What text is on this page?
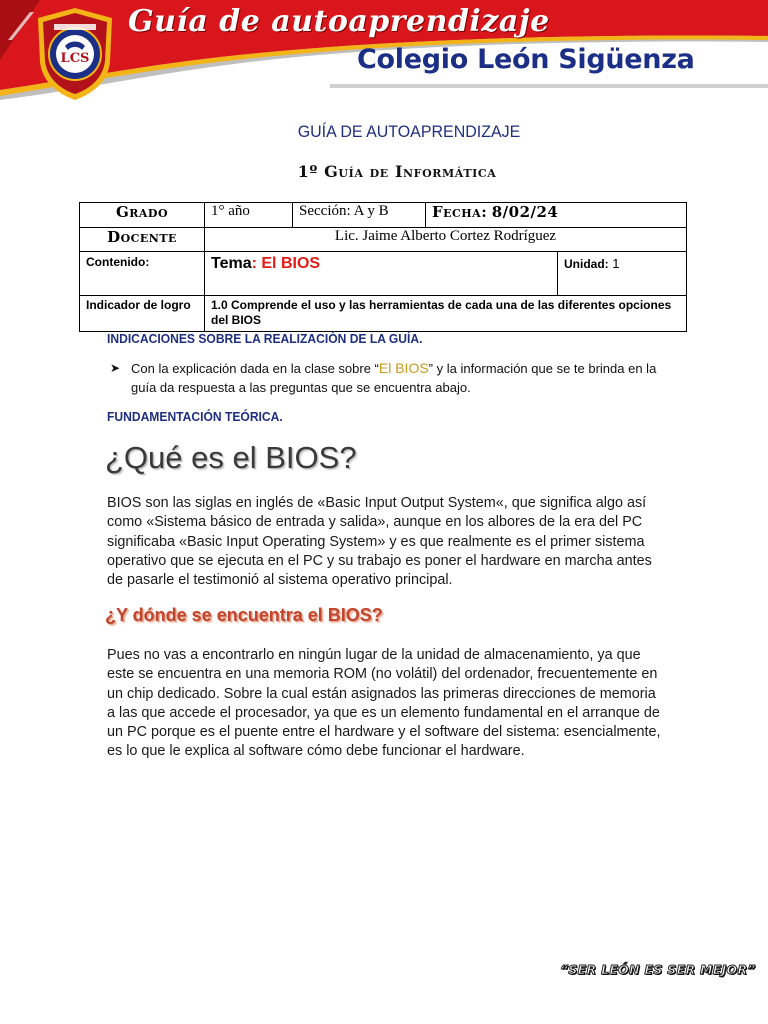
LCS
Guía de autoaprendizaje
Colegio León Sigüenza
GUÍA DE AUTOAPRENDIZAJE
1º Guía de Informática
Grado	1° año	Sección: A y B	Fecha: 8/02/24	
Docente	Lic. Jaime Alberto Cortez Rodríguez			
Contenido:	Tema: El BIOS			Unidad: 1
Indicador de logro	1.0 Comprende el uso y las herramientas de cada una de las diferentes opciones del BIOS			
INDICACIONES SOBRE LA REALIZACIÓN DE LA GUÍA.
➤ Con la explicación dada en la clase sobre “El BIOS” y la información que se te brinda en la guía da respuesta a las preguntas que se encuentra abajo.
FUNDAMENTACIÓN TEÓRICA.
¿Qué es el BIOS?
BIOS son las siglas en inglés de «Basic Input Output System«, que significa algo así como «Sistema básico de entrada y salida», aunque en los albores de la era del PC significaba «Basic Input Operating System» y es que realmente es el primer sistema operativo que se ejecuta en el PC y su trabajo es poner el hardware en marcha antes de pasarle el testimonió al sistema operativo principal.
¿Y dónde se encuentra el BIOS?
Pues no vas a encontrarlo en ningún lugar de la unidad de almacenamiento, ya que este se encuentra en una memoria ROM (no volátil) del ordenador, frecuentemente en un chip dedicado. Sobre la cual están asignados las primeras direcciones de memoria a las que accede el procesador, ya que es un elemento fundamental en el arranque de un PC porque es el puente entre el hardware y el software del sistema: esencialmente, es lo que le explica al software cómo debe funcionar el hardware.
“SER LEÓN ES SER MEJOR”
